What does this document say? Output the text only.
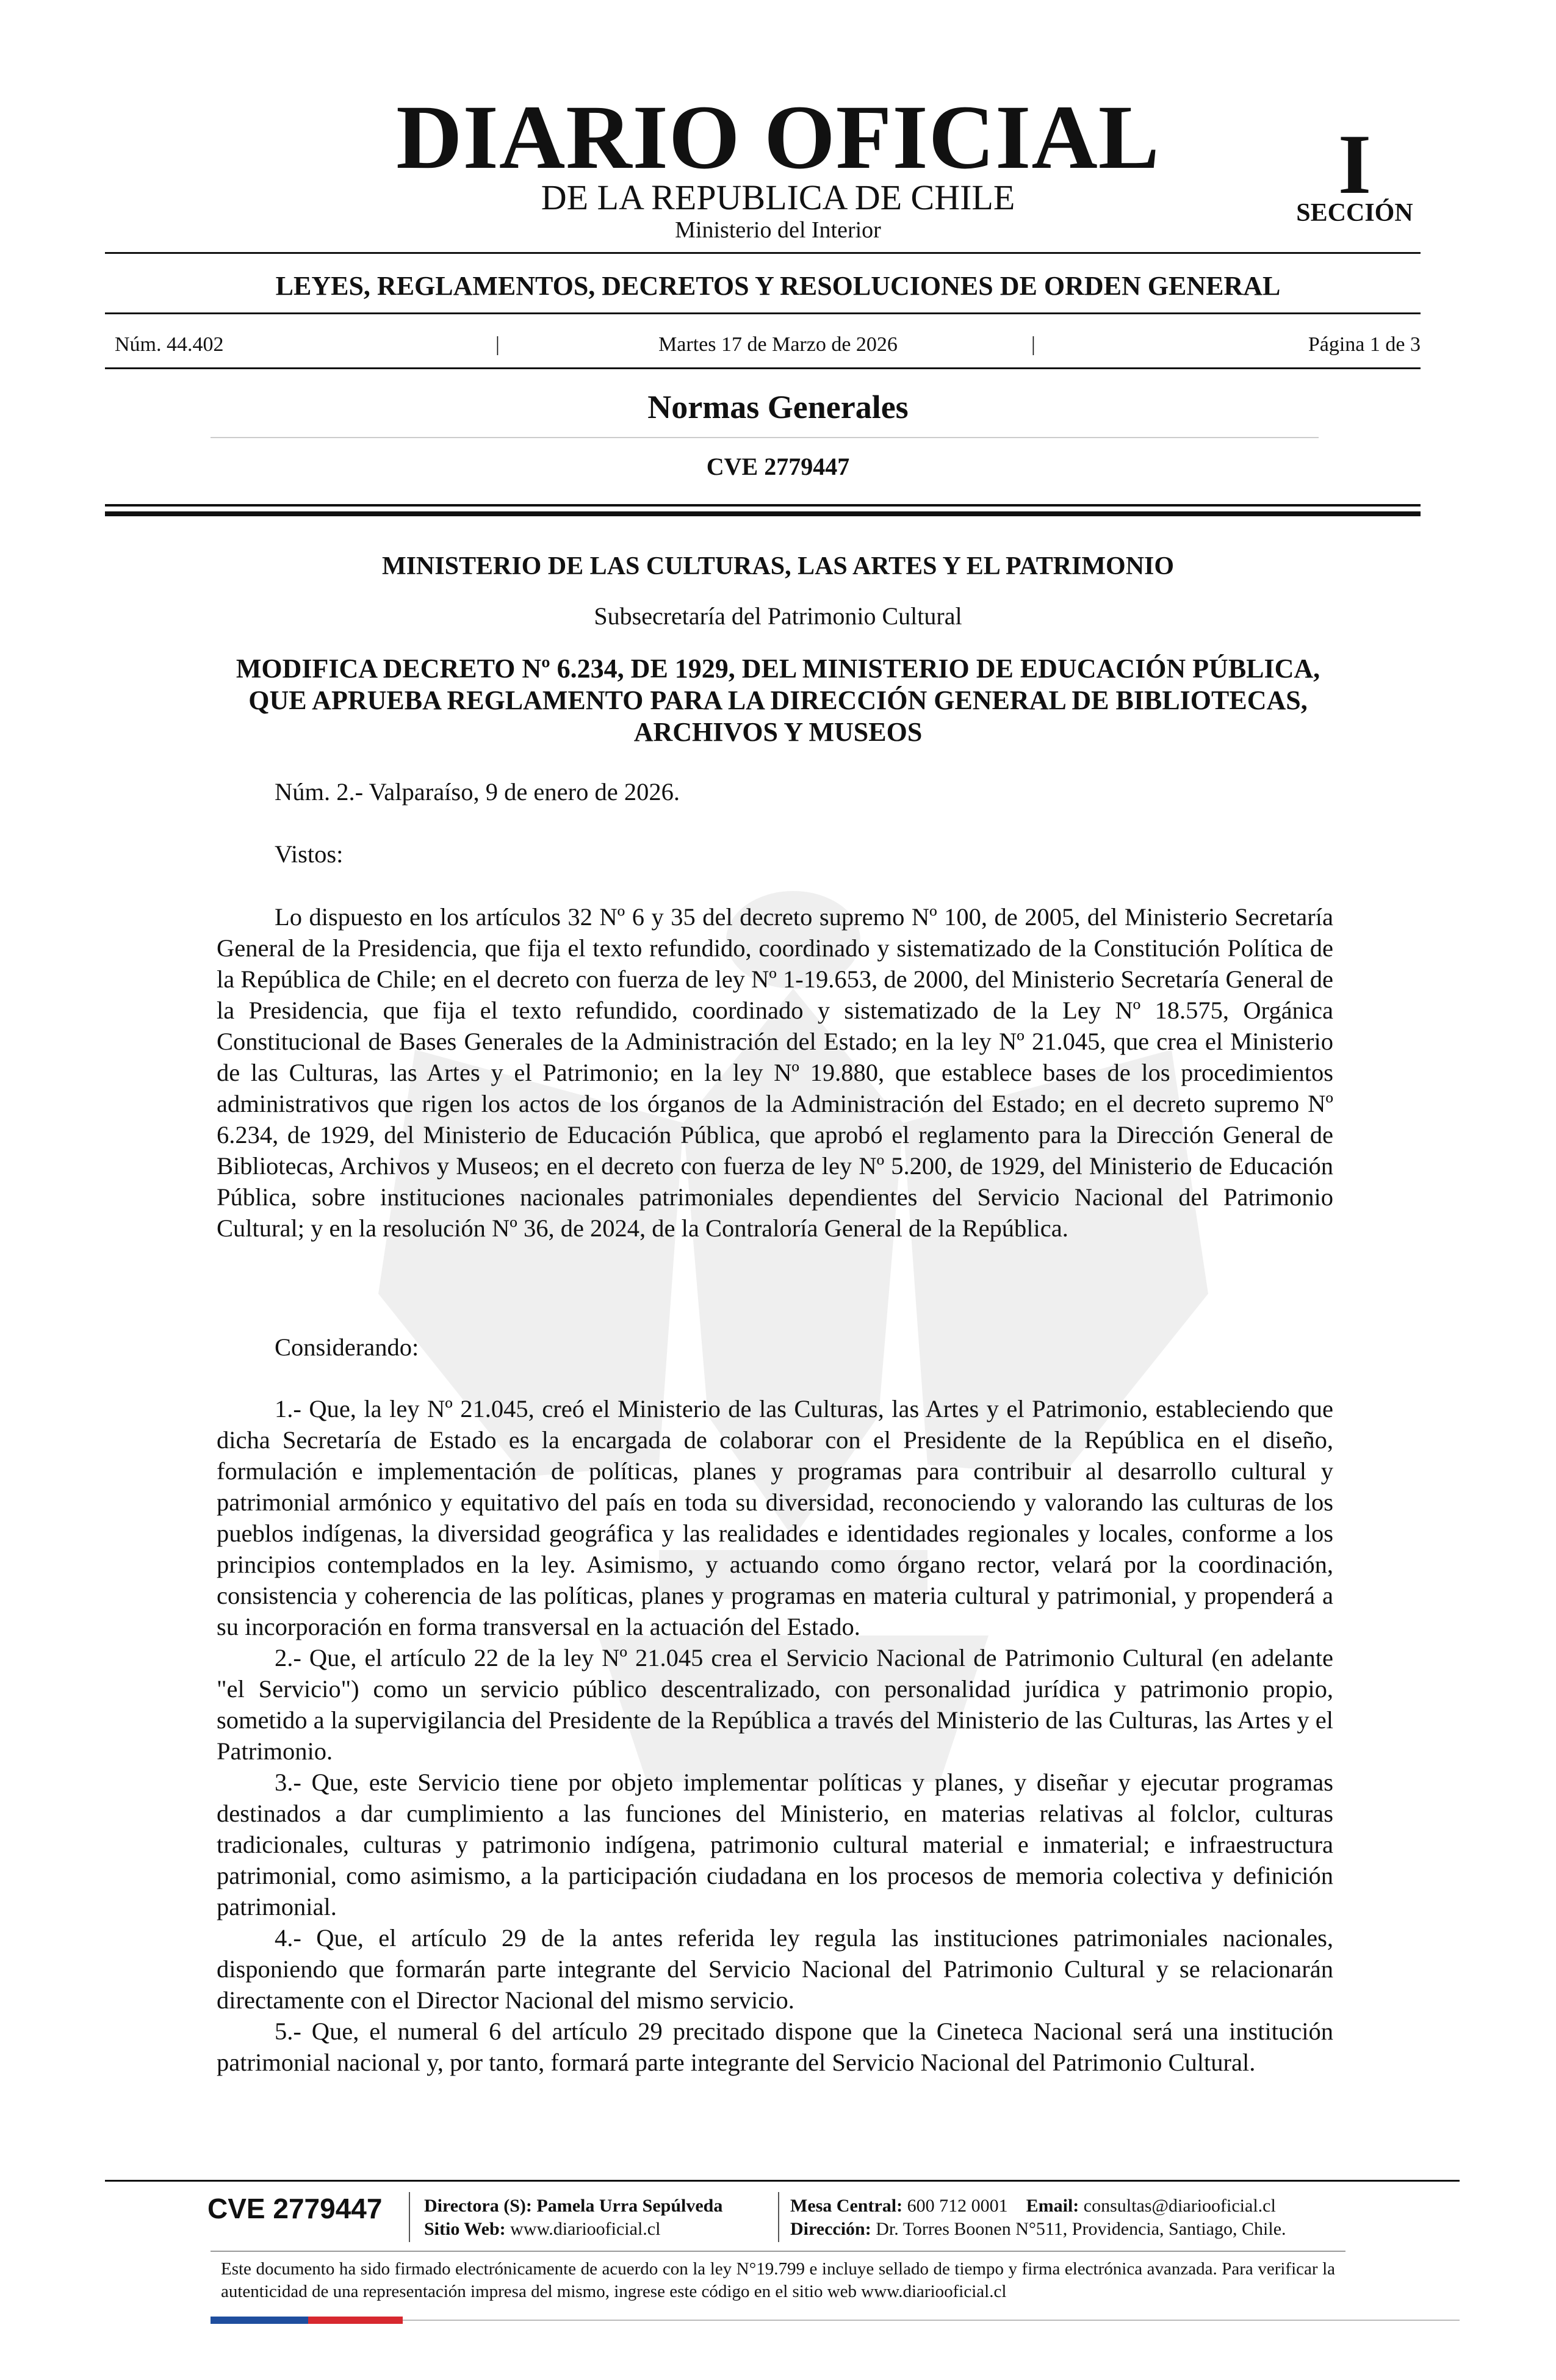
DIARIO OFICIAL
DE LA REPUBLICA DE CHILE
Ministerio del Interior
I
SECCIÓN
LEYES, REGLAMENTOS, DECRETOS Y RESOLUCIONES DE ORDEN GENERAL
Núm. 44.402	|	Martes 17 de Marzo de 2026	|	Página 1 de 3
Normas Generales
CVE 2779447
MINISTERIO DE LAS CULTURAS, LAS ARTES Y EL PATRIMONIO
Subsecretaría del Patrimonio Cultural
MODIFICA DECRETO Nº 6.234, DE 1929, DEL MINISTERIO DE EDUCACIÓN PÚBLICA, QUE APRUEBA REGLAMENTO PARA LA DIRECCIÓN GENERAL DE BIBLIOTECAS, ARCHIVOS Y MUSEOS
Núm. 2.- Valparaíso, 9 de enero de 2026.
Vistos:

Lo dispuesto en los artículos 32 Nº 6 y 35 del decreto supremo Nº 100, de 2005, del Ministerio Secretaría General de la Presidencia, que fija el texto refundido, coordinado y sistematizado de la Constitución Política de la República de Chile; en el decreto con fuerza de ley Nº 1-19.653, de 2000, del Ministerio Secretaría General de la Presidencia, que fija el texto refundido, coordinado y sistematizado de la Ley Nº 18.575, Orgánica Constitucional de Bases Generales de la Administración del Estado; en la ley Nº 21.045, que crea el Ministerio de las Culturas, las Artes y el Patrimonio; en la ley Nº 19.880, que establece bases de los procedimientos administrativos que rigen los actos de los órganos de la Administración del Estado; en el decreto supremo Nº 6.234, de 1929, del Ministerio de Educación Pública, que aprobó el reglamento para la Dirección General de Bibliotecas, Archivos y Museos; en el decreto con fuerza de ley Nº 5.200, de 1929, del Ministerio de Educación Pública, sobre instituciones nacionales patrimoniales dependientes del Servicio Nacional del Patrimonio Cultural; y en la resolución Nº 36, de 2024, de la Contraloría General de la República.

Considerando:

1.- Que, la ley Nº 21.045, creó el Ministerio de las Culturas, las Artes y el Patrimonio, estableciendo que dicha Secretaría de Estado es la encargada de colaborar con el Presidente de la República en el diseño, formulación e implementación de políticas, planes y programas para contribuir al desarrollo cultural y patrimonial armónico y equitativo del país en toda su diversidad, reconociendo y valorando las culturas de los pueblos indígenas, la diversidad geográfica y las realidades e identidades regionales y locales, conforme a los principios contemplados en la ley. Asimismo, y actuando como órgano rector, velará por la coordinación, consistencia y coherencia de las políticas, planes y programas en materia cultural y patrimonial, y propenderá a su incorporación en forma transversal en la actuación del Estado.

2.- Que, el artículo 22 de la ley Nº 21.045 crea el Servicio Nacional de Patrimonio Cultural (en adelante "el Servicio") como un servicio público descentralizado, con personalidad jurídica y patrimonio propio, sometido a la supervigilancia del Presidente de la República a través del Ministerio de las Culturas, las Artes y el Patrimonio.

3.- Que, este Servicio tiene por objeto implementar políticas y planes, y diseñar y ejecutar programas destinados a dar cumplimiento a las funciones del Ministerio, en materias relativas al folclor, culturas tradicionales, culturas y patrimonio indígena, patrimonio cultural material e inmaterial; e infraestructura patrimonial, como asimismo, a la participación ciudadana en los procesos de memoria colectiva y definición patrimonial.

4.- Que, el artículo 29 de la antes referida ley regula las instituciones patrimoniales nacionales, disponiendo que formarán parte integrante del Servicio Nacional del Patrimonio Cultural y se relacionarán directamente con el Director Nacional del mismo servicio.

5.- Que, el numeral 6 del artículo 29 precitado dispone que la Cineteca Nacional será una institución patrimonial nacional y, por tanto, formará parte integrante del Servicio Nacional del Patrimonio Cultural.

CVE 2779447 Directora (S): Pamela Urra Sepúlveda
Sitio Web: www.diariooficial.cl
Mesa Central: 600 712 0001 Email: consultas@diariooficial.cl
Dirección: Dr. Torres Boonen N°511, Providencia, Santiago, Chile.
Este documento ha sido firmado electrónicamente de acuerdo con la ley N°19.799 e incluye sellado de tiempo y firma electrónica avanzada. Para verificar la autenticidad de una representación impresa del mismo, ingrese este código en el sitio web www.diariooficial.cl
